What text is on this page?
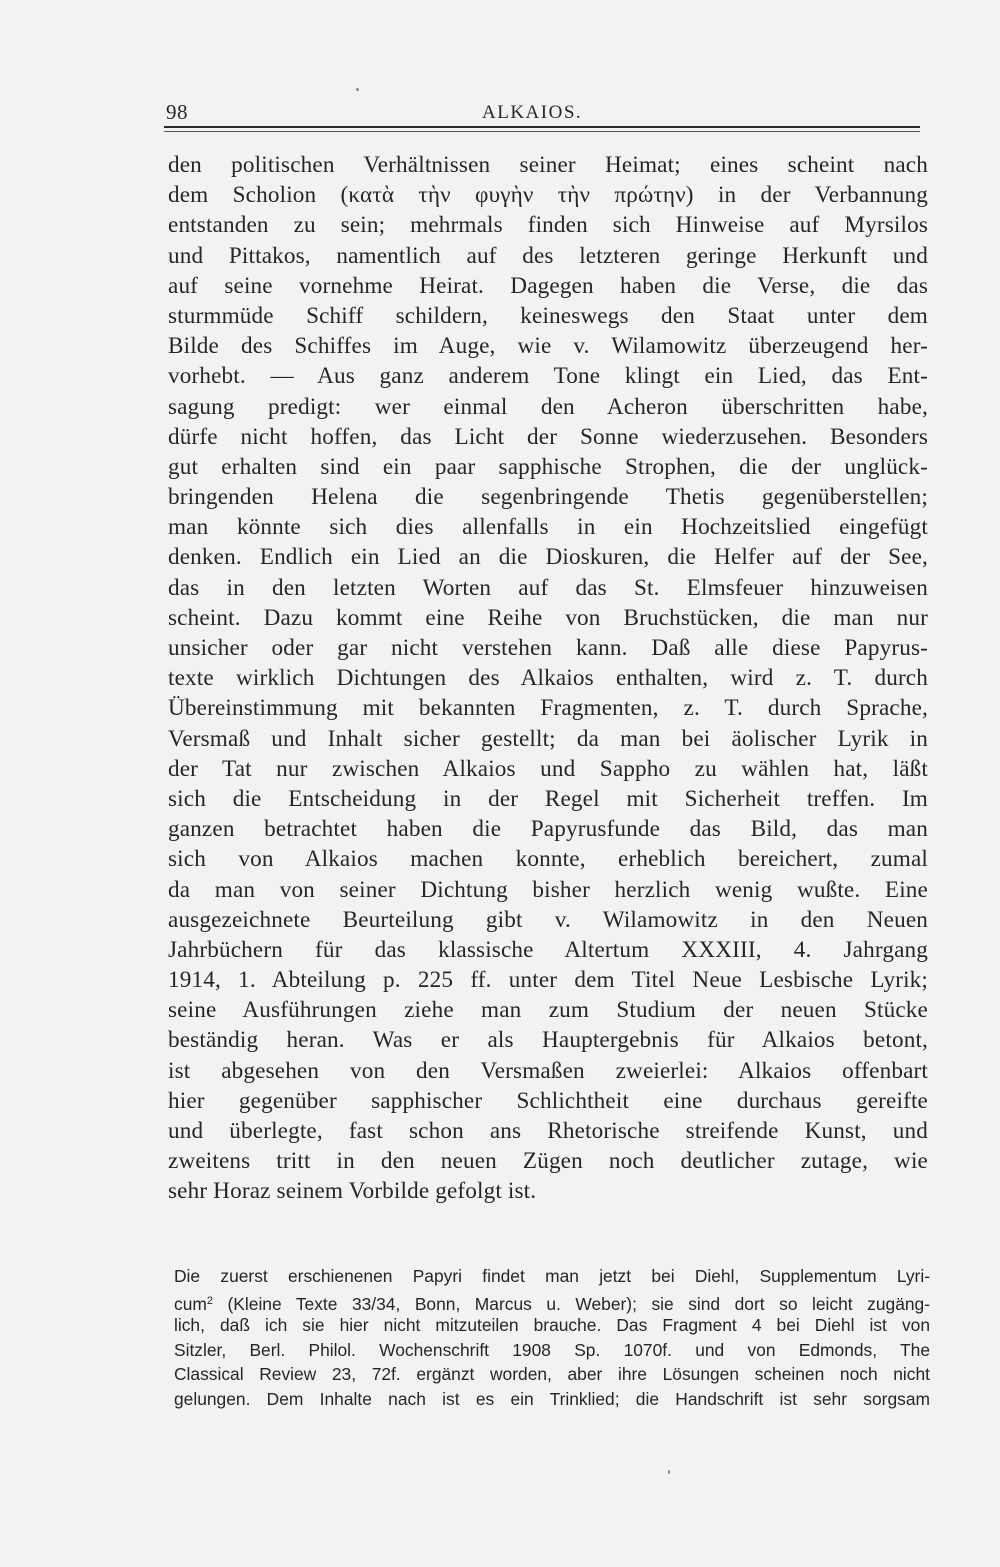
98	ALKAIOS.
den politischen Verhältnissen seiner Heimat; eines scheint nach
dem Scholion (κατὰ τὴν φυγὴν τὴν πρώτην) in der Verbannung
entstanden zu sein; mehrmals finden sich Hinweise auf Myrsilos
und Pittakos, namentlich auf des letzteren geringe Herkunft und
auf seine vornehme Heirat. Dagegen haben die Verse, die das
sturmmüde Schiff schildern, keineswegs den Staat unter dem
Bilde des Schiffes im Auge, wie v. Wilamowitz überzeugend her-
vorhebt. — Aus ganz anderem Tone klingt ein Lied, das Ent-
sagung predigt: wer einmal den Acheron überschritten habe,
dürfe nicht hoffen, das Licht der Sonne wiederzusehen. Besonders
gut erhalten sind ein paar sapphische Strophen, die der unglück-
bringenden Helena die segenbringende Thetis gegenüberstellen;
man könnte sich dies allenfalls in ein Hochzeitslied eingefügt
denken. Endlich ein Lied an die Dioskuren, die Helfer auf der See,
das in den letzten Worten auf das St. Elmsfeuer hinzuweisen
scheint. Dazu kommt eine Reihe von Bruchstücken, die man nur
unsicher oder gar nicht verstehen kann. Daß alle diese Papyrus-
texte wirklich Dichtungen des Alkaios enthalten, wird z. T. durch
Übereinstimmung mit bekannten Fragmenten, z. T. durch Sprache,
Versmaß und Inhalt sicher gestellt; da man bei äolischer Lyrik in
der Tat nur zwischen Alkaios und Sappho zu wählen hat, läßt
sich die Entscheidung in der Regel mit Sicherheit treffen. Im
ganzen betrachtet haben die Papyrusfunde das Bild, das man
sich von Alkaios machen konnte, erheblich bereichert, zumal
da man von seiner Dichtung bisher herzlich wenig wußte. Eine
ausgezeichnete Beurteilung gibt v. Wilamowitz in den Neuen
Jahrbüchern für das klassische Altertum XXXIII, 4. Jahrgang
1914, 1. Abteilung p. 225 ff. unter dem Titel Neue Lesbische Lyrik;
seine Ausführungen ziehe man zum Studium der neuen Stücke
beständig heran. Was er als Hauptergebnis für Alkaios betont,
ist abgesehen von den Versmaßen zweierlei: Alkaios offenbart
hier gegenüber sapphischer Schlichtheit eine durchaus gereifte
und überlegte, fast schon ans Rhetorische streifende Kunst, und
zweitens tritt in den neuen Zügen noch deutlicher zutage, wie
sehr Horaz seinem Vorbilde gefolgt ist.
Die zuerst erschienenen Papyri findet man jetzt bei Diehl, Supplementum Lyri-
cum$^2$ (Kleine Texte 33/34, Bonn, Marcus u. Weber); sie sind dort so leicht zugäng-
lich, daß ich sie hier nicht mitzuteilen brauche. Das Fragment 4 bei Diehl ist von
Sitzler, Berl. Philol. Wochenschrift 1908 Sp. 1070f. und von Edmonds, The
Classical Review 23, 72f. ergänzt worden, aber ihre Lösungen scheinen noch nicht
gelungen. Dem Inhalte nach ist es ein Trinklied; die Handschrift ist sehr sorgsam
